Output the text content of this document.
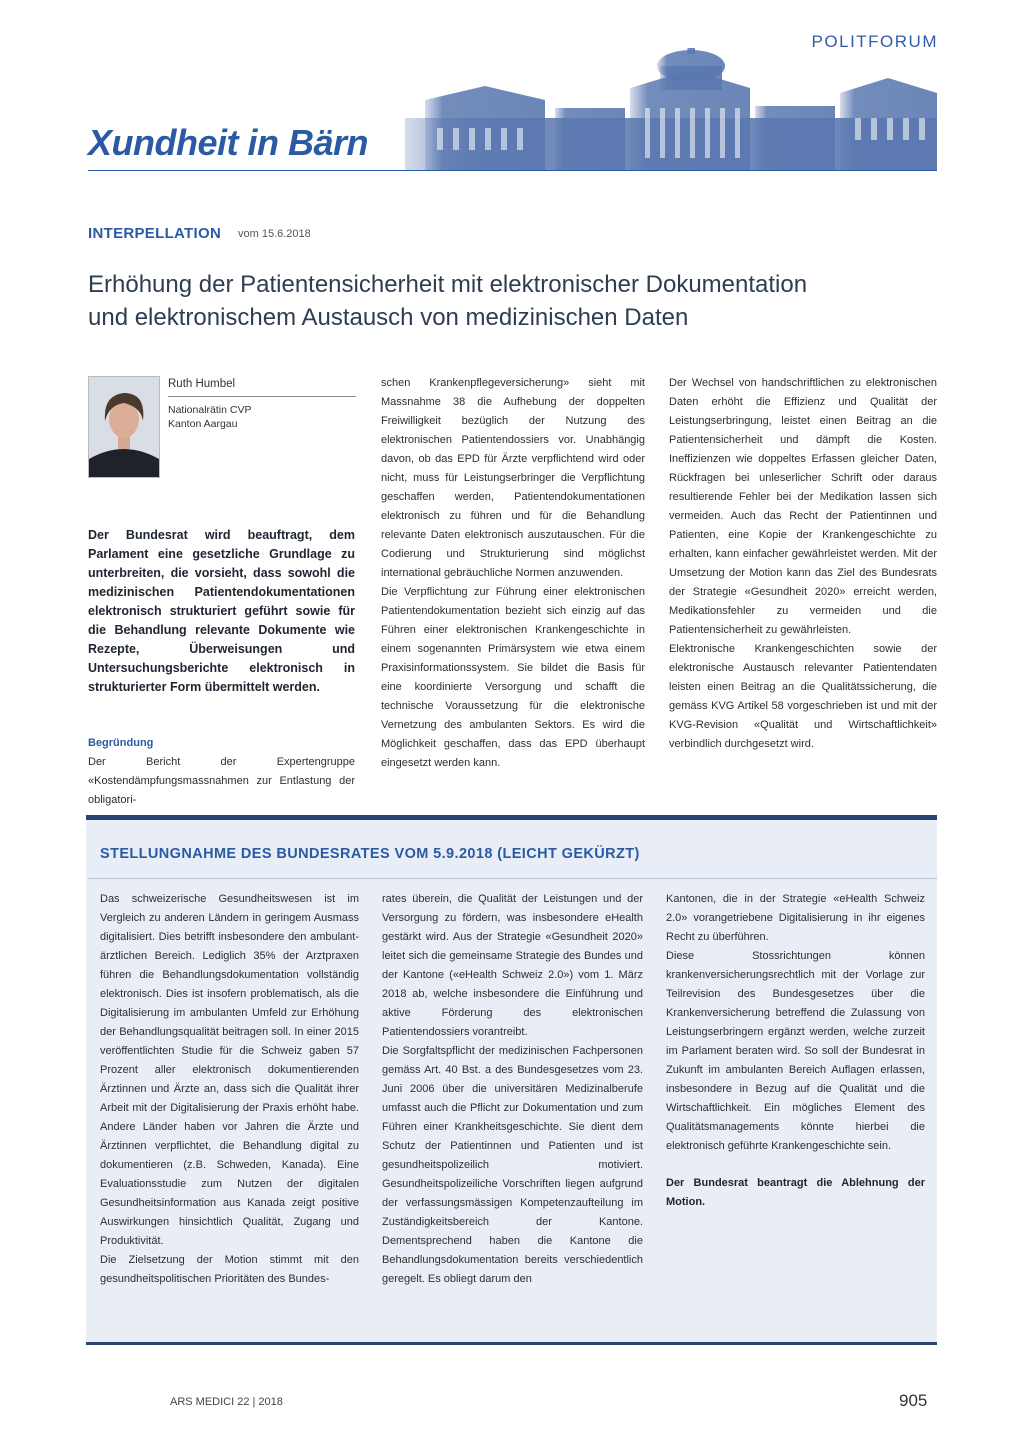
POLITFORUM
Xundheit in Bärn
INTERPELLATION vom 15.6.2018
Erhöhung der Patientensicherheit mit elektronischer Dokumentation
und elektronischem Austausch von medizinischen Daten
Ruth Humbel
Nationalrätin CVP
Kanton Aargau
Der Bundesrat wird beauftragt, dem Parlament eine gesetzliche Grundlage zu unterbreiten, die vorsieht, dass sowohl die medizinischen Patientendokumentationen elektronisch strukturiert geführt sowie für die Behandlung relevante Dokumente wie Rezepte, Überweisungen und Untersuchungsberichte elektronisch in strukturierter Form übermittelt werden.
Begründung

Der Bericht der Expertengruppe «Kostendämpfungsmassnahmen zur Entlastung der obligatori-

schen Krankenpflegeversicherung» sieht mit Massnahme 38 die Aufhebung der doppelten Freiwilligkeit bezüglich der Nutzung des elektronischen Patientendossiers vor. Unabhängig davon, ob das EPD für Ärzte verpflichtend wird oder nicht, muss für Leistungserbringer die Verpflichtung geschaffen werden, Patientendokumentationen elektronisch zu führen und für die Behandlung relevante Daten elektronisch auszutauschen. Für die Codierung und Strukturierung sind möglichst international gebräuchliche Normen anzuwenden.

Die Verpflichtung zur Führung einer elektronischen Patientendokumentation bezieht sich einzig auf das Führen einer elektronischen Krankengeschichte in einem sogenannten Primärsystem wie etwa einem Praxisinformationssystem. Sie bildet die Basis für eine koordinierte Versorgung und schafft die technische Voraussetzung für die elektronische Vernetzung des ambulanten Sektors. Es wird die Möglichkeit geschaffen, dass das EPD überhaupt eingesetzt werden kann.

Der Wechsel von handschriftlichen zu elektronischen Daten erhöht die Effizienz und Qualität der Leistungserbringung, leistet einen Beitrag an die Patientensicherheit und dämpft die Kosten. Ineffizienzen wie doppeltes Erfassen gleicher Daten, Rückfragen bei unleserlicher Schrift oder daraus resultierende Fehler bei der Medikation lassen sich vermeiden. Auch das Recht der Patientinnen und Patienten, eine Kopie der Krankengeschichte zu erhalten, kann einfacher gewährleistet werden. Mit der Umsetzung der Motion kann das Ziel des Bundesrats der Strategie «Gesundheit 2020» erreicht werden, Medikationsfehler zu vermeiden und die Patientensicherheit zu gewährleisten.

Elektronische Krankengeschichten sowie der elektronische Austausch relevanter Patientendaten leisten einen Beitrag an die Qualitätssicherung, die gemäss KVG Artikel 58 vorgeschrieben ist und mit der KVG-Revision «Qualität und Wirtschaftlichkeit» verbindlich durchgesetzt wird.

STELLUNGNAHME DES BUNDESRATES VOM 5.9.2018 (LEICHT GEKÜRZT)

Das schweizerische Gesundheitswesen ist im Vergleich zu anderen Ländern in geringem Ausmass digitalisiert. Dies betrifft insbesondere den ambulant-ärztlichen Bereich. Lediglich 35% der Arztpraxen führen die Behandlungsdokumentation vollständig elektronisch. Dies ist insofern problematisch, als die Digitalisierung im ambulanten Umfeld zur Erhöhung der Behandlungsqualität beitragen soll. In einer 2015 veröffentlichten Studie für die Schweiz gaben 57 Prozent aller elektronisch dokumentierenden Ärztinnen und Ärzte an, dass sich die Qualität ihrer Arbeit mit der Digitalisierung der Praxis erhöht habe. Andere Länder haben vor Jahren die Ärzte und Ärztinnen verpflichtet, die Behandlung digital zu dokumentieren (z.B. Schweden, Kanada). Eine Evaluationsstudie zum Nutzen der digitalen Gesundheitsinformation aus Kanada zeigt positive Auswirkungen hinsichtlich Qualität, Zugang und Produktivität.

Die Zielsetzung der Motion stimmt mit den gesundheitspolitischen Prioritäten des Bundes-

rates überein, die Qualität der Leistungen und der Versorgung zu fördern, was insbesondere eHealth gestärkt wird. Aus der Strategie «Gesundheit 2020» leitet sich die gemeinsame Strategie des Bundes und der Kantone («eHealth Schweiz 2.0») vom 1. März 2018 ab, welche insbesondere die Einführung und aktive Förderung des elektronischen Patientendossiers vorantreibt.

Die Sorgfaltspflicht der medizinischen Fachpersonen gemäss Art. 40 Bst. a des Bundesgesetzes vom 23. Juni 2006 über die universitären Medizinalberufe umfasst auch die Pflicht zur Dokumentation und zum Führen einer Krankheitsgeschichte. Sie dient dem Schutz der Patientinnen und Patienten und ist gesundheitspolizeilich motiviert. Gesundheitspolizeiliche Vorschriften liegen aufgrund der verfassungsmässigen Kompetenzaufteilung im Zuständigkeitsbereich der Kantone. Dementsprechend haben die Kantone die Behandlungsdokumentation bereits verschiedentlich geregelt. Es obliegt darum den

Kantonen, die in der Strategie «eHealth Schweiz 2.0» vorangetriebene Digitalisierung in ihr eigenes Recht zu überführen.

Diese Stossrichtungen können krankenversicherungsrechtlich mit der Vorlage zur Teilrevision des Bundesgesetzes über die Krankenversicherung betreffend die Zulassung von Leistungserbringern ergänzt werden, welche zurzeit im Parlament beraten wird. So soll der Bundesrat in Zukunft im ambulanten Bereich Auflagen erlassen, insbesondere in Bezug auf die Qualität und die Wirtschaftlichkeit. Ein mögliches Element des Qualitätsmanagements könnte hierbei die elektronisch geführte Krankengeschichte sein.

Der Bundesrat beantragt die Ablehnung der Motion.

ARS MEDICI 22 | 2018	905
